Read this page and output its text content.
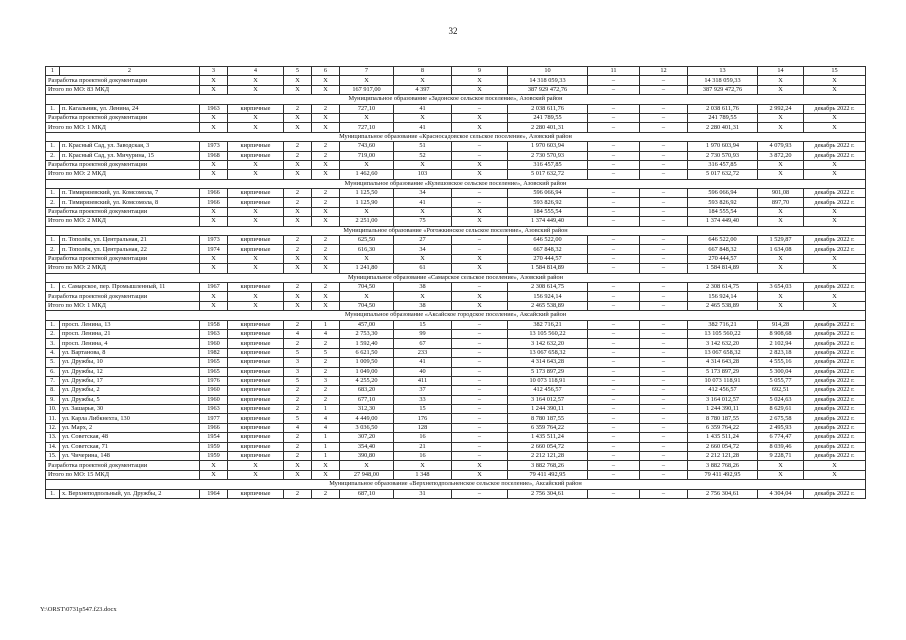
32
1	2	3	4	5	6	7	8	9	10	11	12	13	14	15
Разработка проектной документации		X	X	X	X	X	X	X	14 318 059,33	–	–	14 318 059,33	X	X
Итого по МО: 83 МКД		X	X	X	X	167 917,00	4 397	X	387 929 472,76	–	–	387 929 472,76	X	X
Муниципальное образование «Задонское сельское поселение», Азовский район														
1.	п. Кагальник, ул. Ленина, 24	1963	кирпичные	2	2	727,10	41	–	2 038 611,76	–	–	2 038 611,76	2 992,24	декабрь 2022 г.
Разработка проектной документации		X	X	X	X	X	X	X	241 789,55	–	–	241 789,55	X	X
Итого по МО: 1 МКД		X	X	X	X	727,10	41	X	2 280 401,31	–	–	2 280 401,31	X	X
Муниципальное образование «Красносадовское сельское поселение», Азовский район														
1.	п. Красный Сад, ул. Заводская, 3	1973	кирпичные	2	2	743,60	51	–	1 970 603,94	–	–	1 970 603,94	4 079,93	декабрь 2022 г.
2.	п. Красный Сад, ул. Мичурина, 15	1968	кирпичные	2	2	719,00	52	–	2 730 570,93	–	–	2 730 570,93	3 872,20	декабрь 2022 г.
Разработка проектной документации		X	X	X	X	X	X	X	316 457,85	–	–	316 457,85	X	X
Итого по МО: 2 МКД		X	X	X	X	1 462,60	103	X	5 017 632,72	–	–	5 017 632,72	X	X
Муниципальное образование «Кулешовское сельское поселение», Азовский район														
1.	п. Тимирязевский, ул. Комсомола, 7	1966	кирпичные	2	2	1 125,50	34	–	596 066,94	–	–	596 066,94	901,08	декабрь 2022 г.
2.	п. Тимирязевский, ул. Комсомола, 8	1966	кирпичные	2	2	1 125,90	41	–	593 826,92	–	–	593 826,92	897,70	декабрь 2022 г.
Разработка проектной документации		X	X	X	X	X	X	X	184 555,54	–	–	184 555,54	X	X
Итого по МО: 2 МКД		X	X	X	X	2 251,00	75	X	1 374 449,40	–	–	1 374 449,40	X	X
Муниципальное образование «Рогожкинское сельское поселение», Азовский район														
1.	п. Тополёк, ул. Центральная, 21	1973	кирпичные	2	2	625,50	27	–	646 522,00	–	–	646 522,00	1 529,87	декабрь 2022 г.
2.	п. Тополёк, ул. Центральная, 22	1974	кирпичные	2	2	616,30	34	–	667 848,32	–	–	667 848,32	1 634,08	декабрь 2022 г.
Разработка проектной документации		X	X	X	X	X	X	X	270 444,57	–	–	270 444,57	X	X
Итого по МО: 2 МКД		X	X	X	X	1 241,80	61	X	1 584 814,89	–	–	1 584 814,89	X	X
Муниципальное образование «Самарское сельское поселение», Азовский район														
1.	с. Самарское, пер. Промышленный, 11	1967	кирпичные	2	2	704,50	38	–	2 308 614,75	–	–	2 308 614,75	3 654,03	декабрь 2022 г.
Разработка проектной документации		X	X	X	X	X	X	X	156 924,14	–	–	156 924,14	X	X
Итого по МО: 1 МКД		X	X	X	X	704,50	38	X	2 465 538,89	–	–	2 465 538,89	X	X
Муниципальное образование «Аксайское городское поселение», Аксайский район														
1.	просп. Ленина, 13	1958	кирпичные	2	1	457,00	15	–	382 716,21	–	–	382 716,21	914,28	декабрь 2022 г.
2.	просп. Ленина, 21	1963	кирпичные	4	4	2 753,30	99	–	13 105 560,22	–	–	13 105 560,22	8 908,68	декабрь 2022 г.
3.	просп. Ленина, 4	1960	кирпичные	2	2	1 592,40	67	–	3 142 632,20	–	–	3 142 632,20	2 102,94	декабрь 2022 г.
4.	ул. Вартанова, 8	1982	кирпичные	5	5	6 621,50	233	–	13 067 658,32	–	–	13 067 658,32	2 823,18	декабрь 2022 г.
5.	ул. Дружбы, 10	1965	кирпичные	3	2	1 009,50	41	–	4 314 643,28	–	–	4 314 643,28	4 555,16	декабрь 2022 г.
6.	ул. Дружбы, 12	1965	кирпичные	3	2	1 049,00	40	–	5 173 897,29	–	–	5 173 897,29	5 300,04	декабрь 2022 г.
7.	ул. Дружбы, 17	1976	кирпичные	5	3	4 255,20	411	–	10 073 118,91	–	–	10 073 118,91	5 055,77	декабрь 2022 г.
8.	ул. Дружбы, 2	1960	кирпичные	2	2	683,20	37	–	412 456,57	–	–	412 456,57	692,51	декабрь 2022 г.
9.	ул. Дружбы, 5	1960	кирпичные	2	2	677,10	33	–	3 164 012,57	–	–	3 164 012,57	5 024,63	декабрь 2022 г.
10.	ул. Зашарья, 30	1963	кирпичные	2	1	312,30	15	–	1 244 390,11	–	–	1 244 390,11	8 629,61	декабрь 2022 г.
11.	ул. Карла Либкнехта, 130	1977	кирпичные	5	4	4 449,00	176	–	8 780 187,55	–	–	8 780 187,55	2 675,58	декабрь 2022 г.
12.	ул. Марх, 2	1966	кирпичные	4	4	3 036,50	128	–	6 359 764,22	–	–	6 359 764,22	2 495,93	декабрь 2022 г.
13.	ул. Советская, 48	1954	кирпичные	2	1	307,20	16	–	1 435 511,24	–	–	1 435 511,24	6 774,47	декабрь 2022 г.
14.	ул. Советская, 71	1959	кирпичные	2	1	354,40	21	–	2 660 054,72	–	–	2 660 054,72	8 039,46	декабрь 2022 г.
15.	ул. Чичерина, 148	1959	кирпичные	2	1	390,80	16	–	2 212 121,28	–	–	2 212 121,28	9 228,71	декабрь 2022 г.
Разработка проектной документации		X	X	X	X	X	X	X	3 882 768,26	–	–	3 882 768,26	X	X
Итого по МО: 15 МКД		X	X	X	X	27 948,00	1 348	X	79 411 492,95	–	–	79 411 492,95	X	X
Муниципальное образование «Верхнеподпольненское сельское поселение», Аксайский район														
1.	х. Верхнеподпольный, ул. Дружбы, 2	1964	кирпичные	2	2	687,10	31	–	2 756 304,61	–	–	2 756 304,61	4 304,04	декабрь 2022 г.
Y:\ORST\0731p547.f23.docx
